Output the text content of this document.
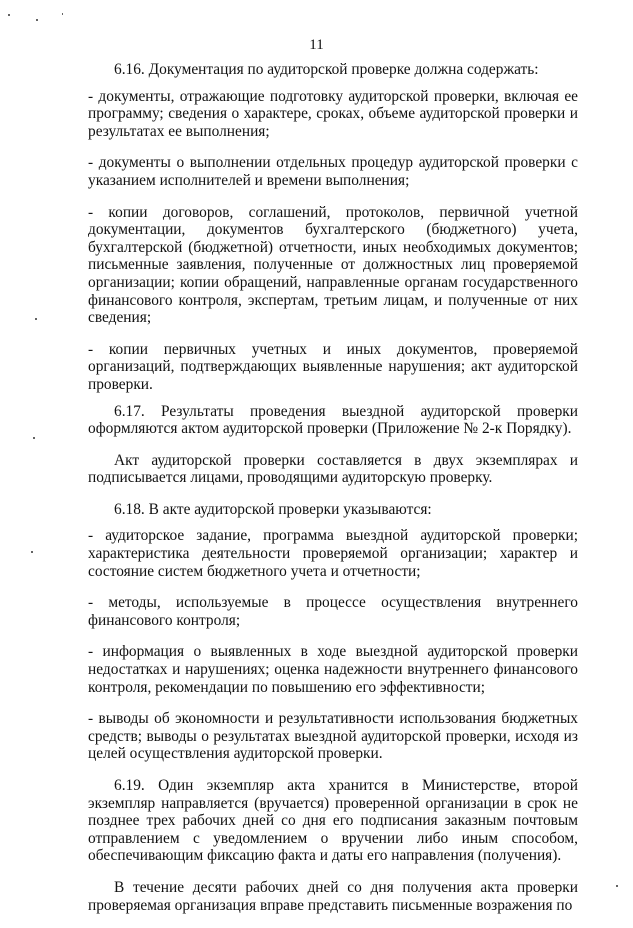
11
6.16. Документация по аудиторской проверке должна содержать:
- документы, отражающие подготовку аудиторской проверки, включая ее программу; сведения о характере, сроках, объеме аудиторской проверки и результатах ее выполнения;
- документы о выполнении отдельных процедур аудиторской проверки с указанием исполнителей и времени выполнения;
- копии договоров, соглашений, протоколов, первичной учетной документации, документов бухгалтерского (бюджетного) учета, бухгалтерской (бюджетной) отчетности, иных необходимых документов; письменные заявления, полученные от должностных лиц проверяемой организации; копии обращений, направленные органам государственного финансового контроля, экспертам, третьим лицам, и полученные от них сведения;
- копии первичных учетных и иных документов, проверяемой организаций, подтверждающих выявленные нарушения; акт аудиторской проверки.
6.17. Результаты проведения выездной аудиторской проверки оформляются актом аудиторской проверки (Приложение № 2-к Порядку).
Акт аудиторской проверки составляется в двух экземплярах и подписывается лицами, проводящими аудиторскую проверку.
6.18. В акте аудиторской проверки указываются:
- аудиторское задание, программа выездной аудиторской проверки; характеристика деятельности проверяемой организации; характер и состояние систем бюджетного учета и отчетности;
- методы, используемые в процессе осуществления внутреннего финансового контроля;
- информация о выявленных в ходе выездной аудиторской проверки недостатках и нарушениях; оценка надежности внутреннего финансового контроля, рекомендации по повышению его эффективности;
- выводы об экономности и результативности использования бюджетных средств; выводы о результатах выездной аудиторской проверки, исходя из целей осуществления аудиторской проверки.
6.19. Один экземпляр акта хранится в Министерстве, второй экземпляр направляется (вручается) проверенной организации в срок не позднее трех рабочих дней со дня его подписания заказным почтовым отправлением с уведомлением о вручении либо иным способом, обеспечивающим фиксацию факта и даты его направления (получения).
В течение десяти рабочих дней со дня получения акта проверки проверяемая организация вправе представить письменные возражения по
